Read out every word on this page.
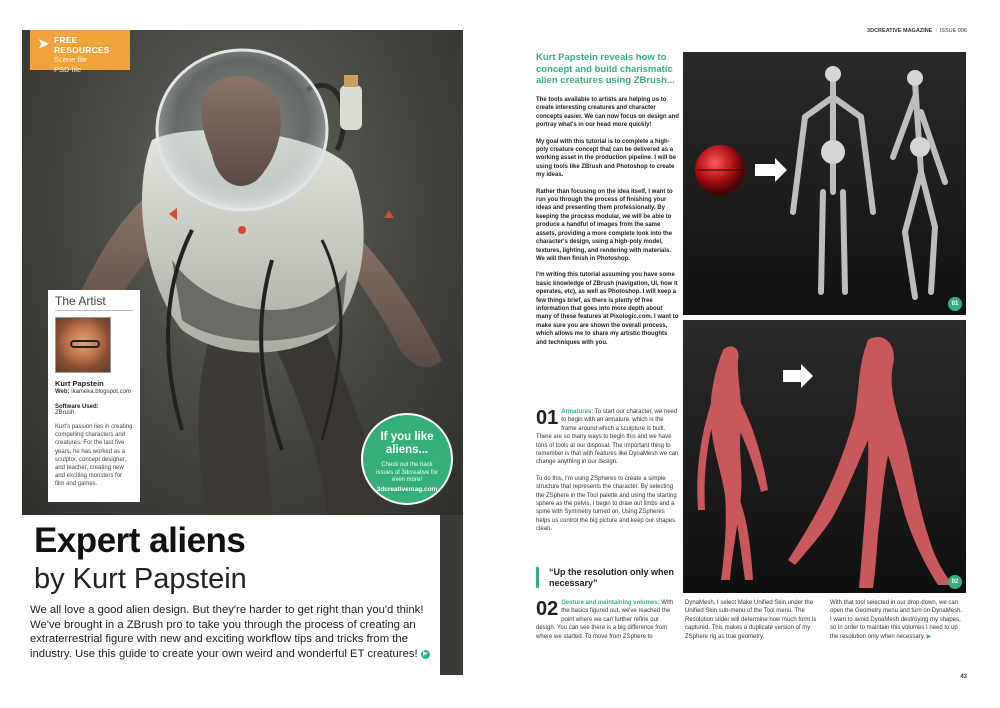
➤ FREE RESOURCES
Scene file
PSD file
The Artist
Kurt Papstein
Web: ikameka.blogspot.com
Software Used:
ZBrush
Kurt's passion lies in creating compelling characters and creatures. For the last five years, he has worked as a sculptor, concept designer, and teacher, creating new and exciting monsters for film and games.
If you like aliens...
Check out the back issues of 3dcreative for even more!
3dcreativemag.com
Expert aliens
by Kurt Papstein
We all love a good alien design. But they're harder to get right than you'd think! We've brought in a ZBrush pro to take you through the process of creating an extraterrestrial figure with new and exciting workflow tips and tricks from the industry. Use this guide to create your own weird and wonderful ET creatures! ▶
3DCREATIVE MAGAZINE | ISSUE 096
Kurt Papstein reveals how to concept and build charismatic alien creatures using ZBrush...

The tools available to artists are helping us to create interesting creatures and character concepts easier. We can now focus on design and portray what's in our head more quickly!

My goal with this tutorial is to complete a high-poly creature concept that can be delivered as a working asset in the production pipeline. I will be using tools like ZBrush and Photoshop to create my ideas.

Rather than focusing on the idea itself, I want to run you through the process of finishing your ideas and presenting them professionally. By keeping the process modular, we will be able to produce a handful of images from the same assets, providing a more complete look into the character's design, using a high-poly model, textures, lighting, and rendering with materials. We will then finish in Photoshop.

I'm writing this tutorial assuming you have some basic knowledge of ZBrush (navigation, UI, how it operates, etc), as well as Photoshop. I will keep a few things brief, as there is plenty of free information that goes into more depth about many of these features at Pixologic.com. I want to make sure you are shown the overall process, which allows me to share my artistic thoughts and techniques with you.

01 Armatures: To start our character, we need to begin with an armature, which is the frame around which a sculpture is built. There are so many ways to begin this and we have tons of tools at our disposal. The important thing to remember is that with features like DynaMesh we can change anything in our design.

To do this, I'm using ZSpheres to create a simple structure that represents the character. By selecting the ZSphere in the Tool palette and using the starting sphere as the pelvis, I begin to draw out limbs and a spine with Symmetry turned on. Using ZSpheres helps us control the big picture and keep our shapes clean.

“Up the resolution only when necessary”
02 Gesture and maintaining volumes: With the basics figured out, we've reached the point where we can further refine our design. You can see there is a big difference from where we started. To move from ZSphere to
DynaMesh, I select Make Unified Skin under the Unified Skin sub-menu of the Tool menu. The Resolution slider will determine how much form is captured. This makes a duplicate version of my ZSphere rig as true geometry.
With that tool selected in our drop-down, we can open the Geometry menu and turn on DynaMesh. I want to avoid DynaMesh destroying my shapes, so in order to maintain this volumes I need to up the resolution only when necessary. ▶
01
02
43
